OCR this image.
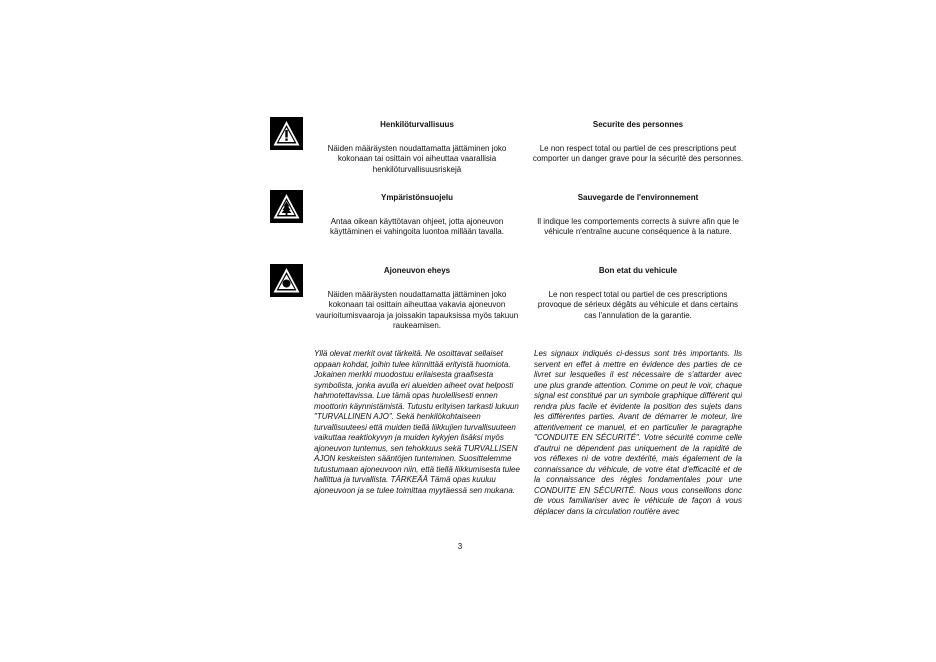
Henkilöturvallisuus
Näiden määräysten noudattamatta jättäminen joko kokonaan tai osittain voi aiheuttaa vaarallisia henkilöturvallisuusriskejä
Securite des personnes
Le non respect total ou partiel de ces prescriptions peut comporter un danger grave pour la sécurité des personnes.
Ympäristönsuojelu
Antaa oikean käyttötavan ohjeet, jotta ajoneuvon käyttäminen ei vahingoita luontoa millään tavalla.
Sauvegarde de l'environnement
Il indique les comportements corrects à suivre afin que le véhicule n'entraîne aucune conséquence à la nature.
Ajoneuvon eheys
Näiden määräysten noudattamatta jättäminen joko kokonaan tai osittain aiheuttaa vakavia ajoneuvon vaurioitumisvaaroja ja joissakin tapauksissa myös takuun raukeamisen.
Bon etat du vehicule
Le non respect total ou partiel de ces prescriptions provoque de sérieux dégâts au véhicule et dans certains cas l'annulation de la garantie.
Yllä olevat merkit ovat tärkeitä. Ne osoittavat sellaiset oppaan kohdat, joihin tulee kiinnittää erityistä huomiota. Jokainen merkki muodostuu erilaisesta graafisesta symbolista, jonka avulla eri alueiden aiheet ovat helposti hahmotettavissa. Lue tämä opas huolellisesti ennen moottorin käynnistämistä. Tutustu erityisen tarkasti lukuun "TURVALLINEN AJO". Sekä henkilökohtaiseen turvallisuuteesi että muiden tiellä liikkujien turvallisuuteen vaikuttaa reaktiokyvyn ja muiden kykyjen lisäksi myös ajoneuvon tuntemus, sen tehokkuus sekä TURVALLISEN AJON keskeisten sääntöjen tunteminen. Suosittelemme tutustumaan ajoneuvoon niin, että tiellä liikkumisesta tulee hallittua ja turvallista. TÄRKEÄÄ Tämä opas kuuluu ajoneuvoon ja se tulee toimittaa myytäessä sen mukana.
Les signaux indiqués ci-dessus sont très importants. Ils servent en effet à mettre en évidence des parties de ce livret sur lesquelles il est nécessaire de s'attarder avec une plus grande attention. Comme on peut le voir, chaque signal est constitué par un symbole graphique différent qui rendra plus facile et évidente la position des sujets dans les différentes parties. Avant de démarrer le moteur, lire attentivement ce manuel, et en particulier le paragraphe "CONDUITE EN SÉCURITÉ". Votre sécurité comme celle d'autrui ne dépendent pas uniquement de la rapidité de vos réflexes ni de votre dextérité, mais également de la connaissance du véhicule, de votre état d'efficacité et de la connaissance des règles fondamentales pour une CONDUITE EN SÉCURITÉ. Nous vous conseillons donc de vous familiariser avec le véhicule de façon à vous déplacer dans la circulation routière avec
3
